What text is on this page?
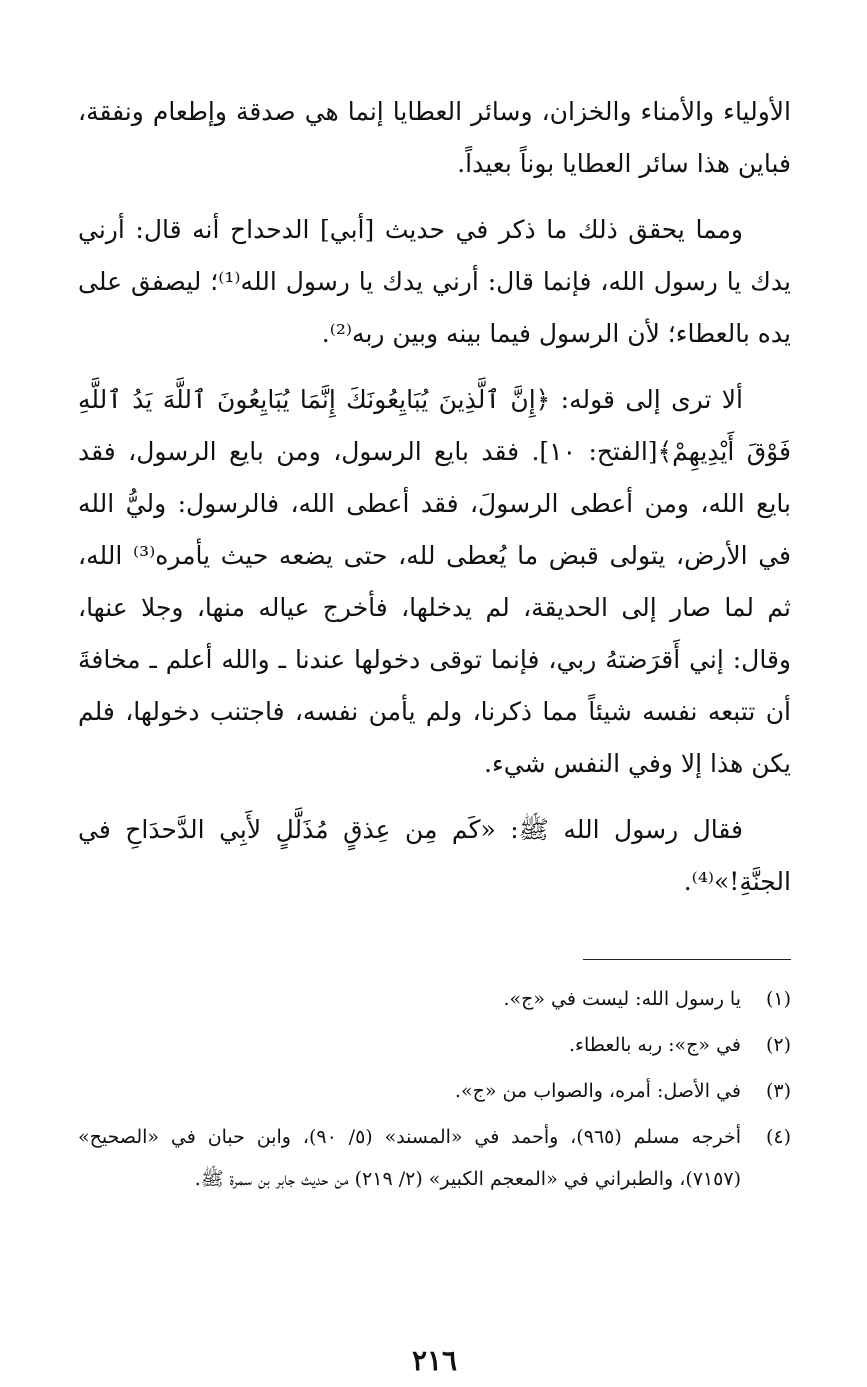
الأولياء والأمناء والخزان، وسائر العطايا إنما هي صدقة وإطعام ونفقة، فباين هذا سائر العطايا بوناً بعيداً.

ومما يحقق ذلك ما ذكر في حديث [أبي] الدحداح أنه قال: أرني يدك يا رسول الله، فإنما قال: أرني يدك يا رسول الله⁽¹⁾؛ ليصفق على يده بالعطاء؛ لأن الرسول فيما بينه وبين ربه⁽²⁾.

ألا ترى إلى قوله: ﴿إِنَّ ٱلَّذِينَ يُبَايِعُونَكَ إِنَّمَا يُبَايِعُونَ ٱللَّهَ يَدُ ٱللَّهِ فَوْقَ أَيْدِيهِمْ﴾[الفتح: ١٠]. فقد بايع الرسول، ومن بايع الرسول، فقد بايع الله، ومن أعطى الرسولَ، فقد أعطى الله، فالرسول: وليُّ الله في الأرض، يتولى قبض ما يُعطى لله، حتى يضعه حيث يأمره⁽³⁾ الله، ثم لما صار إلى الحديقة، لم يدخلها، فأخرج عياله منها، وجلا عنها، وقال: إني أَقرَضتهُ ربي، فإنما توقى دخولها عندنا ـ والله أعلم ـ مخافةَ أن تتبعه نفسه شيئاً مما ذكرنا، ولم يأمن نفسه، فاجتنب دخولها، فلم يكن هذا إلا وفي النفس شيء.

فقال رسول الله ﷺ: «كَم مِن عِذقٍ مُذَلَّلٍ لأَبِي الدَّحدَاحِ في الجنَّةِ!»⁽⁴⁾.

(١)
يا رسول الله: ليست في «ج».
(٢)
في «ج»: ربه بالعطاء.
(٣)
في الأصل: أمره، والصواب من «ج».
(٤)
أخرجه مسلم (٩٦٥)، وأحمد في «المسند» (٥/ ٩٠)، وابن حبان في «الصحيح» (٧١٥٧)، والطبراني في «المعجم الكبير» (٢/ ٢١٩) من حديث جابر بن سمرة ﷺ.
٢١٦
